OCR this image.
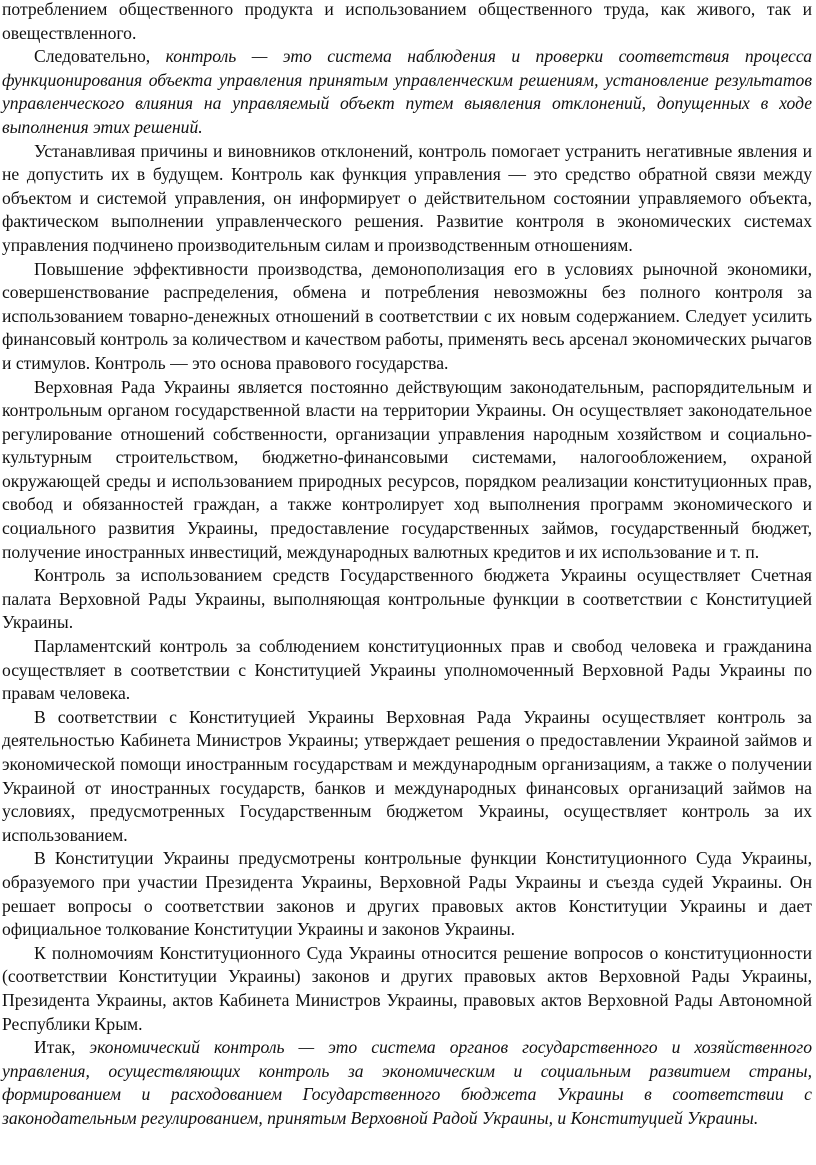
потреблением общественного продукта и использованием общественного труда, как живого, так и овеществленного.

Следовательно, контроль — это система наблюдения и проверки соответствия процесса функционирования объекта управления принятым управленческим решениям, установление результатов управленческого влияния на управляемый объект путем выявления отклонений, допущенных в ходе выполнения этих решений.

Устанавливая причины и виновников отклонений, контроль помогает устранить негативные явления и не допустить их в будущем. Контроль как функция управления — это средство обратной связи между объектом и системой управления, он информирует о действительном состоянии управляемого объекта, фактическом выполнении управленческого решения. Развитие контроля в экономических системах управления подчинено производительным силам и производственным отношениям.

Повышение эффективности производства, демонополизация его в условиях рыночной экономики, совершенствование распределения, обмена и потребления невозможны без полного контроля за использованием товарно-денежных отношений в соответствии с их новым содержанием. Следует усилить финансовый контроль за количеством и качеством работы, применять весь арсенал экономических рычагов и стимулов. Контроль — это основа правового государства.

Верховная Рада Украины является постоянно действующим законодательным, распорядительным и контрольным органом государственной власти на территории Украины. Он осуществляет законодательное регулирование отношений собственности, организации управления народным хозяйством и социально-культурным строительством, бюджетно-финансовыми системами, налогообложением, охраной окружающей среды и использованием природных ресурсов, порядком реализации конституционных прав, свобод и обязанностей граждан, а также контролирует ход выполнения программ экономического и социального развития Украины, предоставление государственных займов, государственный бюджет, получение иностранных инвестиций, международных валютных кредитов и их использование и т. п.

Контроль за использованием средств Государственного бюджета Украины осуществляет Счетная палата Верховной Рады Украины, выполняющая контрольные функции в соответствии с Конституцией Украины.

Парламентский контроль за соблюдением конституционных прав и свобод человека и гражданина осуществляет в соответствии с Конституцией Украины уполномоченный Верховной Рады Украины по правам человека.

В соответствии с Конституцией Украины Верховная Рада Украины осуществляет контроль за деятельностью Кабинета Министров Украины; утверждает решения о предоставлении Украиной займов и экономической помощи иностранным государствам и международным организациям, а также о получении Украиной от иностранных государств, банков и международных финансовых организаций займов на условиях, предусмотренных Государственным бюджетом Украины, осуществляет контроль за их использованием.

В Конституции Украины предусмотрены контрольные функции Конституционного Суда Украины, образуемого при участии Президента Украины, Верховной Рады Украины и съезда судей Украины. Он решает вопросы о соответствии законов и других правовых актов Конституции Украины и дает официальное толкование Конституции Украины и законов Украины.

К полномочиям Конституционного Суда Украины относится решение вопросов о конституционности (соответствии Конституции Украины) законов и других правовых актов Верховной Рады Украины, Президента Украины, актов Кабинета Министров Украины, правовых актов Верховной Рады Автономной Республики Крым.

Итак, экономический контроль — это система органов государственного и хозяйственного управления, осуществляющих контроль за экономическим и социальным развитием страны, формированием и расходованием Государственного бюджета Украины в соответствии с законодательным регулированием, принятым Верховной Радой Украины, и Конституцией Украины.
